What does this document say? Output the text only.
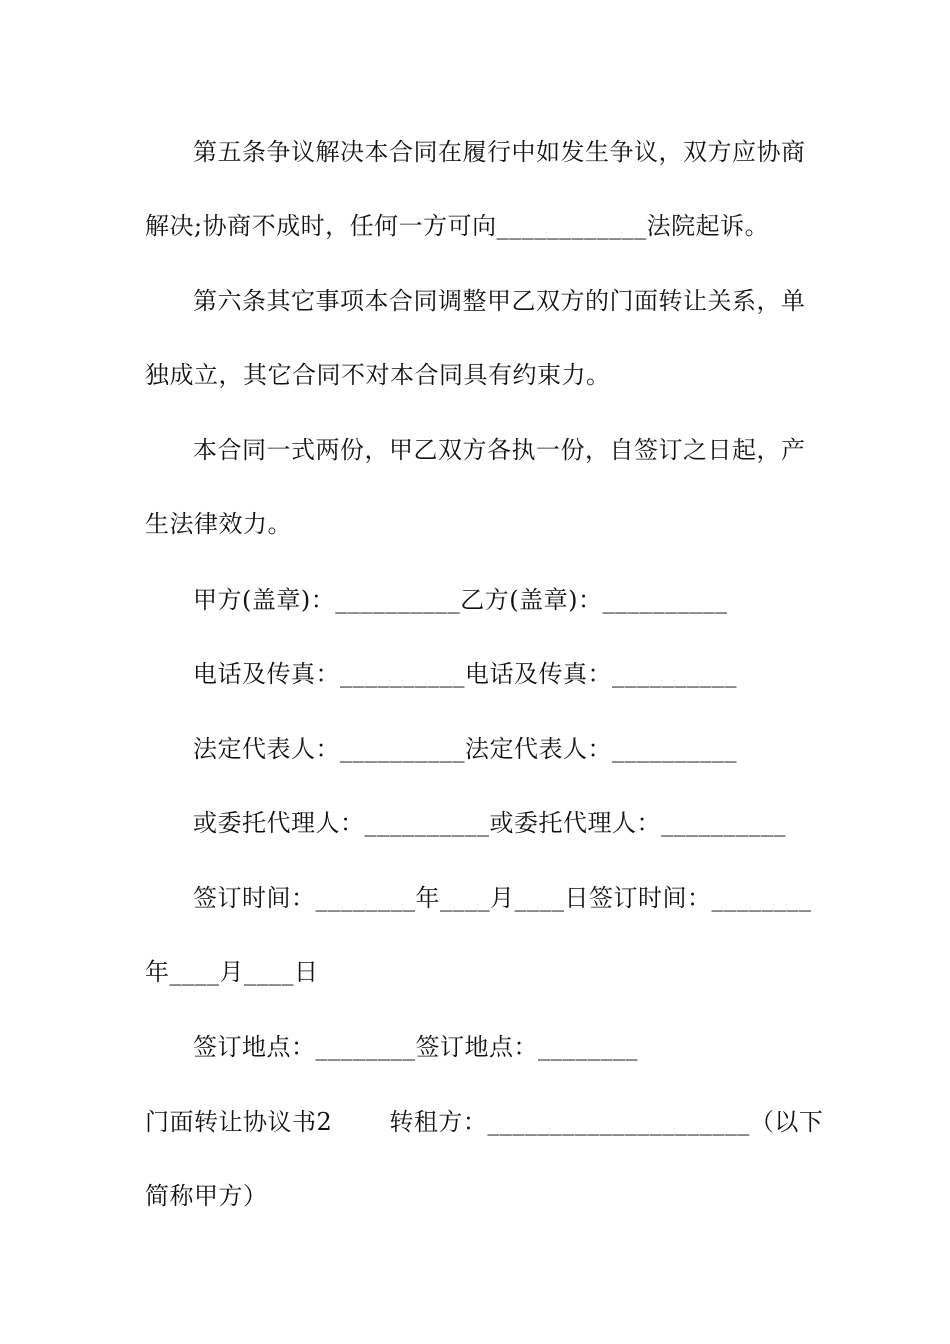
第五条争议解决本合同在履行中如发生争议，双方应协商
解决;协商不成时，任何一方可向____________法院起诉。
第六条其它事项本合同调整甲乙双方的门面转让关系，单
独成立，其它合同不对本合同具有约束力。
本合同一式两份，甲乙双方各执一份，自签订之日起，产
生法律效力。
甲方(盖章)：__________乙方(盖章)：__________
电话及传真：__________电话及传真：__________
法定代表人：__________法定代表人：__________
或委托代理人：__________或委托代理人：__________
签订时间：________年____月____日签订时间：________
年____月____日
签订地点：________签订地点：________
门面转让协议书2　　 转租方：_____________________（以下
简称甲方）
